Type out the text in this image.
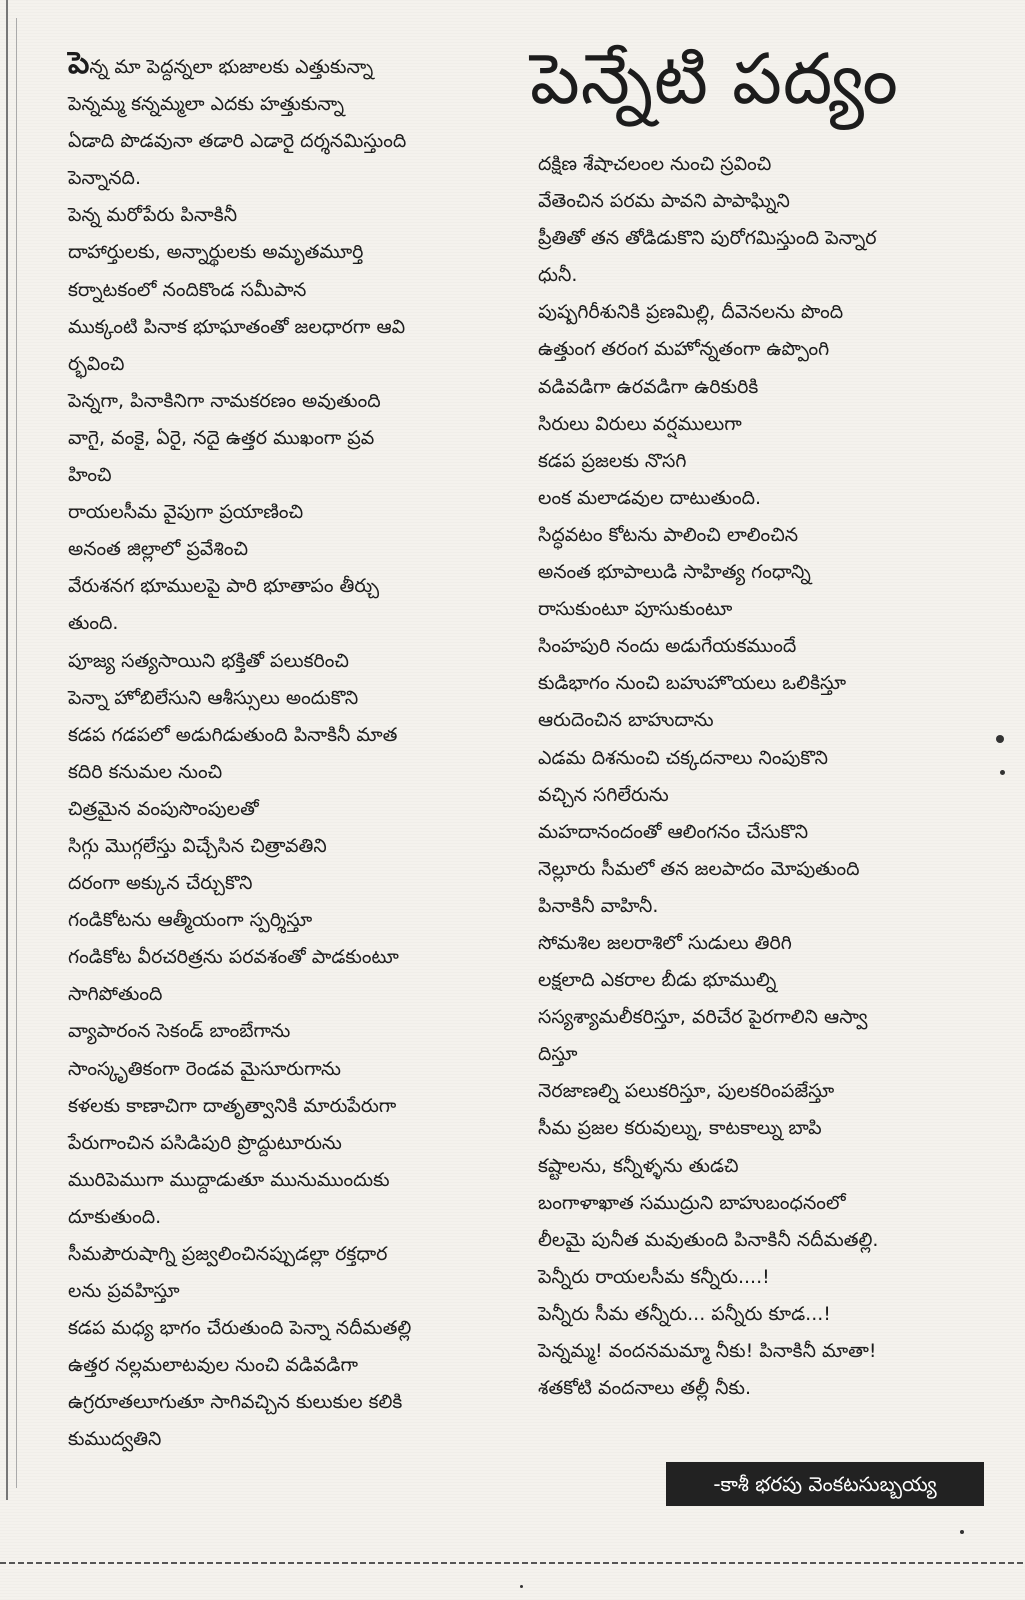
పెన్నేటి పద్యం
పెన్న మా పెద్దన్నలా భుజాలకు ఎత్తుకున్నా
పెన్నమ్మ కన్నమ్మలా ఎదకు హత్తుకున్నా
ఏడాది పొడవునా తడారి ఎడారై దర్శనమిస్తుంది
పెన్నానది.
పెన్న మరోపేరు పినాకినీ
దాహార్తులకు, అన్నార్థులకు అమృతమూర్తి
కర్నాటకంలో నందికొండ సమీపాన
ముక్కంటి పినాక భూఘాతంతో జలధారగా ఆవి
ర్భవించి
పెన్నగా, పినాకినిగా నామకరణం అవుతుంది
వాగై, వంకై, ఏరై, నదై ఉత్తర ముఖంగా ప్రవ
హించి
రాయలసీమ వైపుగా ప్రయాణించి
అనంత జిల్లాలో ప్రవేశించి
వేరుశనగ భూములపై పారి భూతాపం తీర్చు
తుంది.
పూజ్య సత్యసాయిని భక్తితో పలుకరించి
పెన్నా హోబిలేసుని ఆశీస్సులు అందుకొని
కడప గడపలో అడుగిడుతుంది పినాకినీ మాత
కదిరి కనుమల నుంచి
చిత్రమైన వంపుసొంపులతో
సిగ్గు మొగ్గలేస్తు విచ్చేసిన చిత్రావతిని
దరంగా అక్కున చేర్చుకొని
గండికోటను ఆత్మీయంగా స్పర్శిస్తూ
గండికోట వీరచరిత్రను పరవశంతో పాడకుంటూ
సాగిపోతుంది
వ్యాపారంన సెకండ్ బాంబేగాను
సాంస్కృతికంగా రెండవ మైసూరుగాను
కళలకు కాణాచిగా దాతృత్వానికి మారుపేరుగా
పేరుగాంచిన పసిడిపురి ప్రొద్దుటూరును
మురిపెముగా ముద్దాడుతూ మునుముందుకు
దూకుతుంది.
సీమపౌరుషాగ్ని ప్రజ్వలించినప్పుడల్లా రక్తధార
లను ప్రవహిస్తూ
కడప మధ్య భాగం చేరుతుంది పెన్నా నదీమతల్లి
ఉత్తర నల్లమలాటవుల నుంచి వడివడిగా
ఉగ్రరూతలూగుతూ సాగివచ్చిన కులుకుల కలికి
కుముద్వతిని
దక్షిణ శేషాచలంల నుంచి స్రవించి
వేతెంచిన పరమ పావని పాపాఘ్నిని
ప్రీతితో తన తోడిడుకొని పురోగమిస్తుంది పెన్నార
ధునీ.
పుష్పగిరీశునికి ప్రణమిల్లి, దీవెనలను పొంది
ఉత్తుంగ తరంగ మహోన్నతంగా ఉప్పొంగి
వడివడిగా ఉరవడిగా ఉరికురికి
సిరులు విరులు వర్షములుగా
కడప ప్రజలకు నొసగి
లంక మలాడవుల దాటుతుంది.
సిద్ధవటం కోటను పాలించి లాలించిన
అనంత భూపాలుడి సాహిత్య గంధాన్ని
రాసుకుంటూ పూసుకుంటూ
సింహపురి నందు అడుగేయకముందే
కుడిభాగం నుంచి బహుహొయలు ఒలికిస్తూ
ఆరుదెంచిన బాహుదాను
ఎడమ దిశనుంచి చక్కదనాలు నింపుకొని
వచ్చిన సగిలేరును
మహదానందంతో ఆలింగనం చేసుకొని
నెల్లూరు సీమలో తన జలపాదం మోపుతుంది
పినాకినీ వాహినీ.
సోమశిల జలరాశిలో సుడులు తిరిగి
లక్షలాది ఎకరాల బీడు భూముల్ని
సస్యశ్యామలీకరిస్తూ, వరిచేర పైరగాలిని ఆస్వా
దిస్తూ
నెరజాణల్ని పలుకరిస్తూ, పులకరింపజేస్తూ
సీమ ప్రజల కరువుల్ను, కాటకాల్ను బాపి
కష్టాలను, కన్నీళ్ళను తుడచి
బంగాళాఖాత సముద్రుని బాహుబంధనంలో
లీలమై పునీత మవుతుంది పినాకినీ నదీమతల్లి.
పెన్నీరు రాయలసీమ కన్నీరు....!
పెన్నీరు సీమ తన్నీరు... పన్నీరు కూడ...!
పెన్నమ్మ! వందనమమ్మా నీకు! పినాకినీ మాతా!
శతకోటి వందనాలు తల్లీ నీకు.
-కాశీ భరపు వెంకటసుబ్బయ్య
